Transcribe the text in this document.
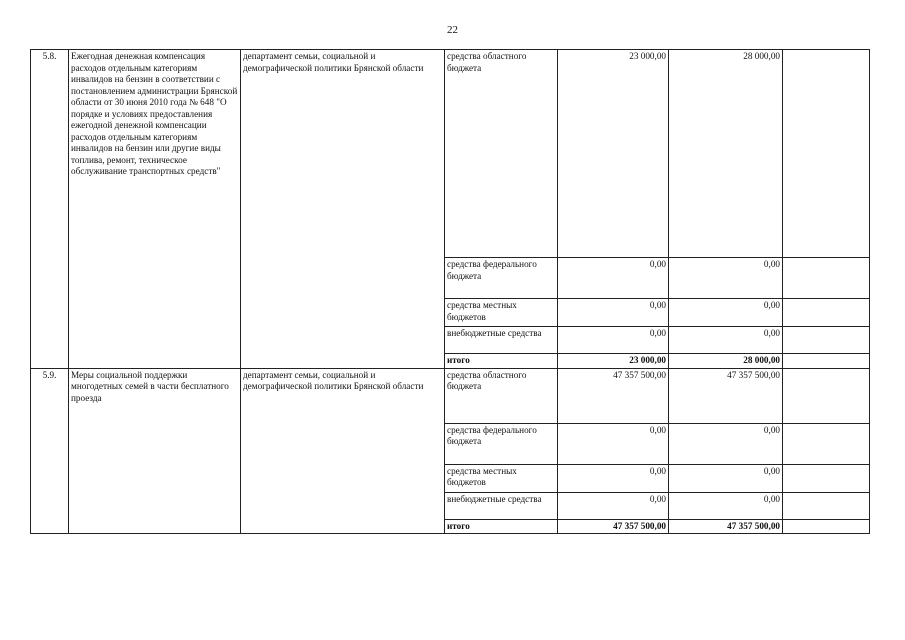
22
5.8.	Ежегодная денежная компенсация расходов отдельным категориям инвалидов на бензин в соответствии с постановлением администрации Брянской области от 30 июня 2010 года № 648 "О порядке и условиях предоставления ежегодной денежной компенсации расходов отдельным категориям инвалидов на бензин или другие виды топлива, ремонт, техническое обслуживание транспортных средств"	департамент семьи, социальной и демографической политики Брянской области	средства областного бюджета	23 000,00	28 000,00	
			средства федерального бюджета	0,00	0,00	
			средства местных бюджетов	0,00	0,00	
			внебюджетные средства	0,00	0,00	
			итого	23 000,00	28 000,00	
5.9.	Меры социальной поддержки многодетных семей в части бесплатного проезда	департамент семьи, социальной и демографической политики Брянской области	средства областного бюджета	47 357 500,00	47 357 500,00	
			средства федерального бюджета	0,00	0,00	
			средства местных бюджетов	0,00	0,00	
			внебюджетные средства	0,00	0,00	
			итого	47 357 500,00	47 357 500,00	
